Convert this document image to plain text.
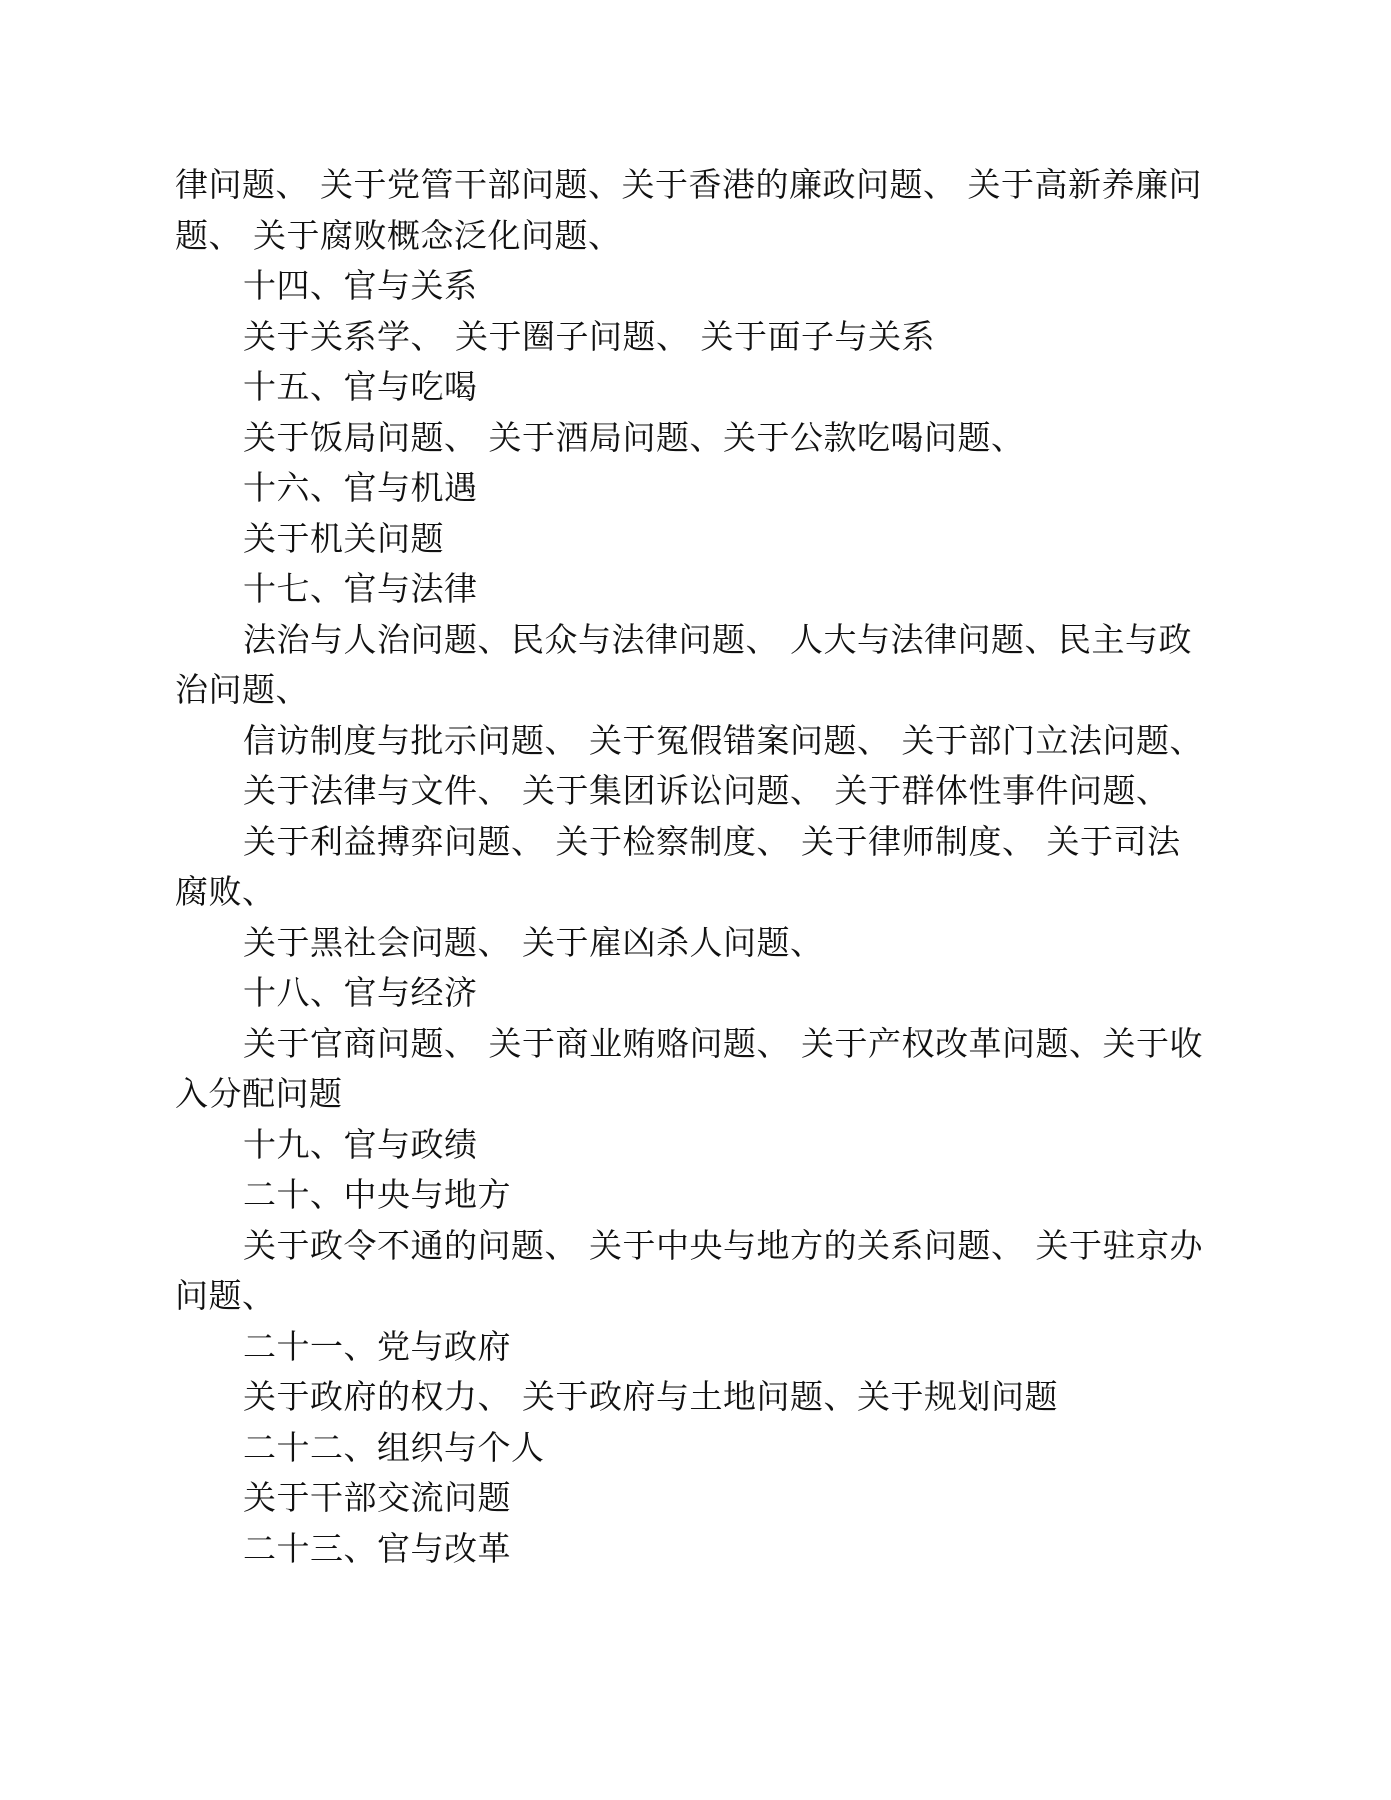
律问题、 关于党管干部问题、关于香港的廉政问题、 关于高新养廉问
题、 关于腐败概念泛化问题、
十四、官与关系
关于关系学、 关于圈子问题、 关于面子与关系
十五、官与吃喝
关于饭局问题、 关于酒局问题、关于公款吃喝问题、
十六、官与机遇
关于机关问题
十七、官与法律
法治与人治问题、民众与法律问题、 人大与法律问题、民主与政
治问题、
信访制度与批示问题、 关于冤假错案问题、 关于部门立法问题、
关于法律与文件、 关于集团诉讼问题、 关于群体性事件问题、
关于利益搏弈问题、 关于检察制度、 关于律师制度、 关于司法
腐败、
关于黑社会问题、 关于雇凶杀人问题、
十八、官与经济
关于官商问题、 关于商业贿赂问题、 关于产权改革问题、关于收
入分配问题
十九、官与政绩
二十、中央与地方
关于政令不通的问题、 关于中央与地方的关系问题、 关于驻京办
问题、
二十一、党与政府
关于政府的权力、 关于政府与土地问题、关于规划问题
二十二、组织与个人
关于干部交流问题
二十三、官与改革
